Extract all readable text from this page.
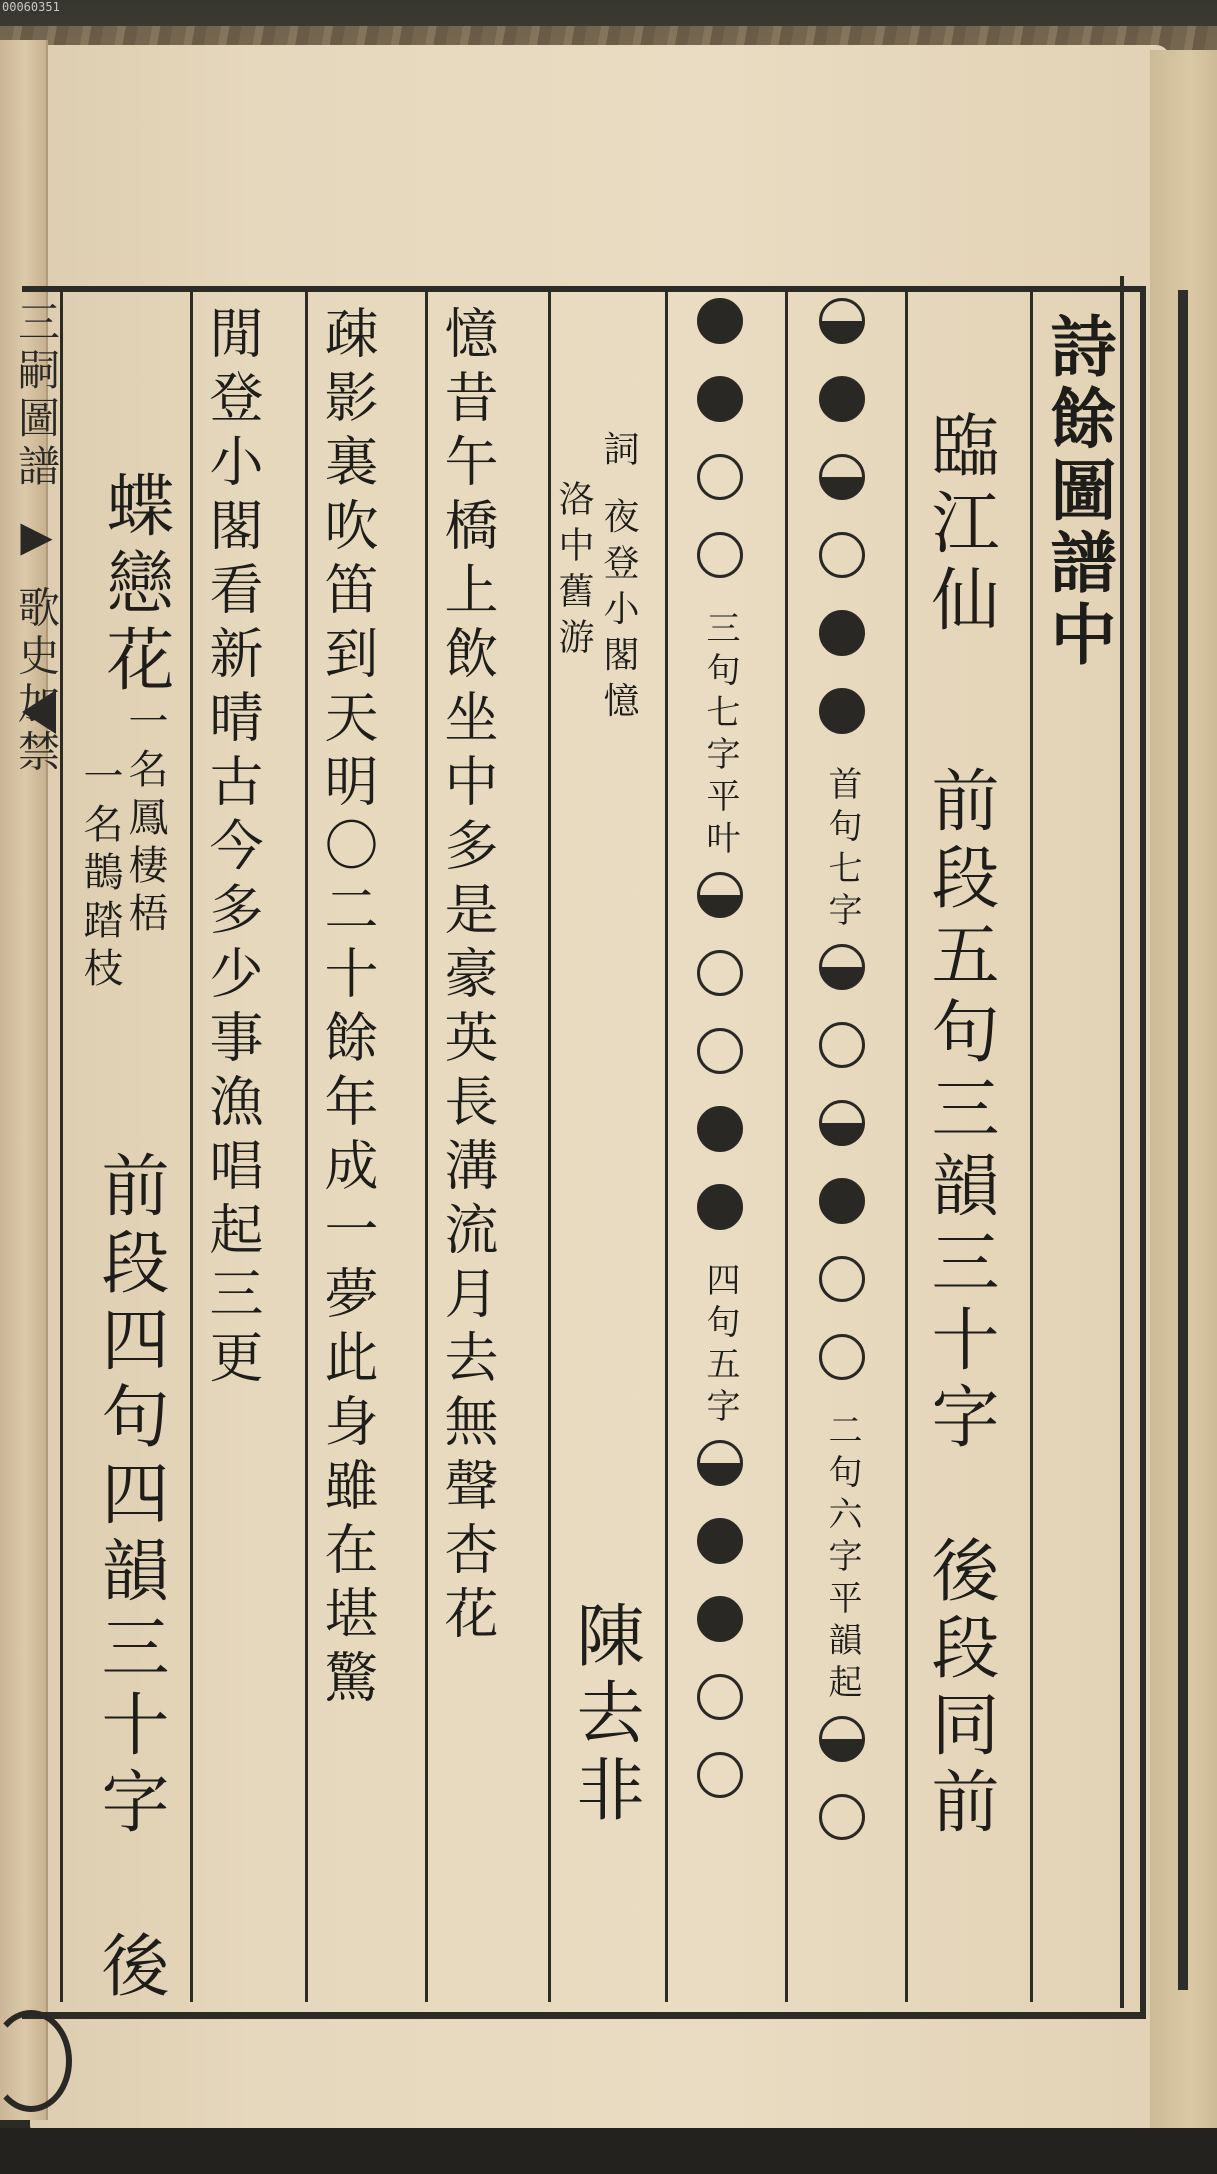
00060351
詩餘圖譜中
臨江仙
前段五句三韻三十字
後段同前
首句七字
二句六字平韻起
三句七字平叶
四句五字
詞 夜登小閣憶
洛中舊游
陳去非
憶昔午橋上飲坐中多是豪英長溝流月去無聲杏花
疎影裏吹笛到天明〇二十餘年成一夢此身雖在堪驚
閒登小閣看新晴古今多少事漁唱起三更
蝶戀花
一名鳳棲梧
一名鵲踏枝
前段四句四韻三十字
後
三嗣圖譜 ▶ 歌史加禁
